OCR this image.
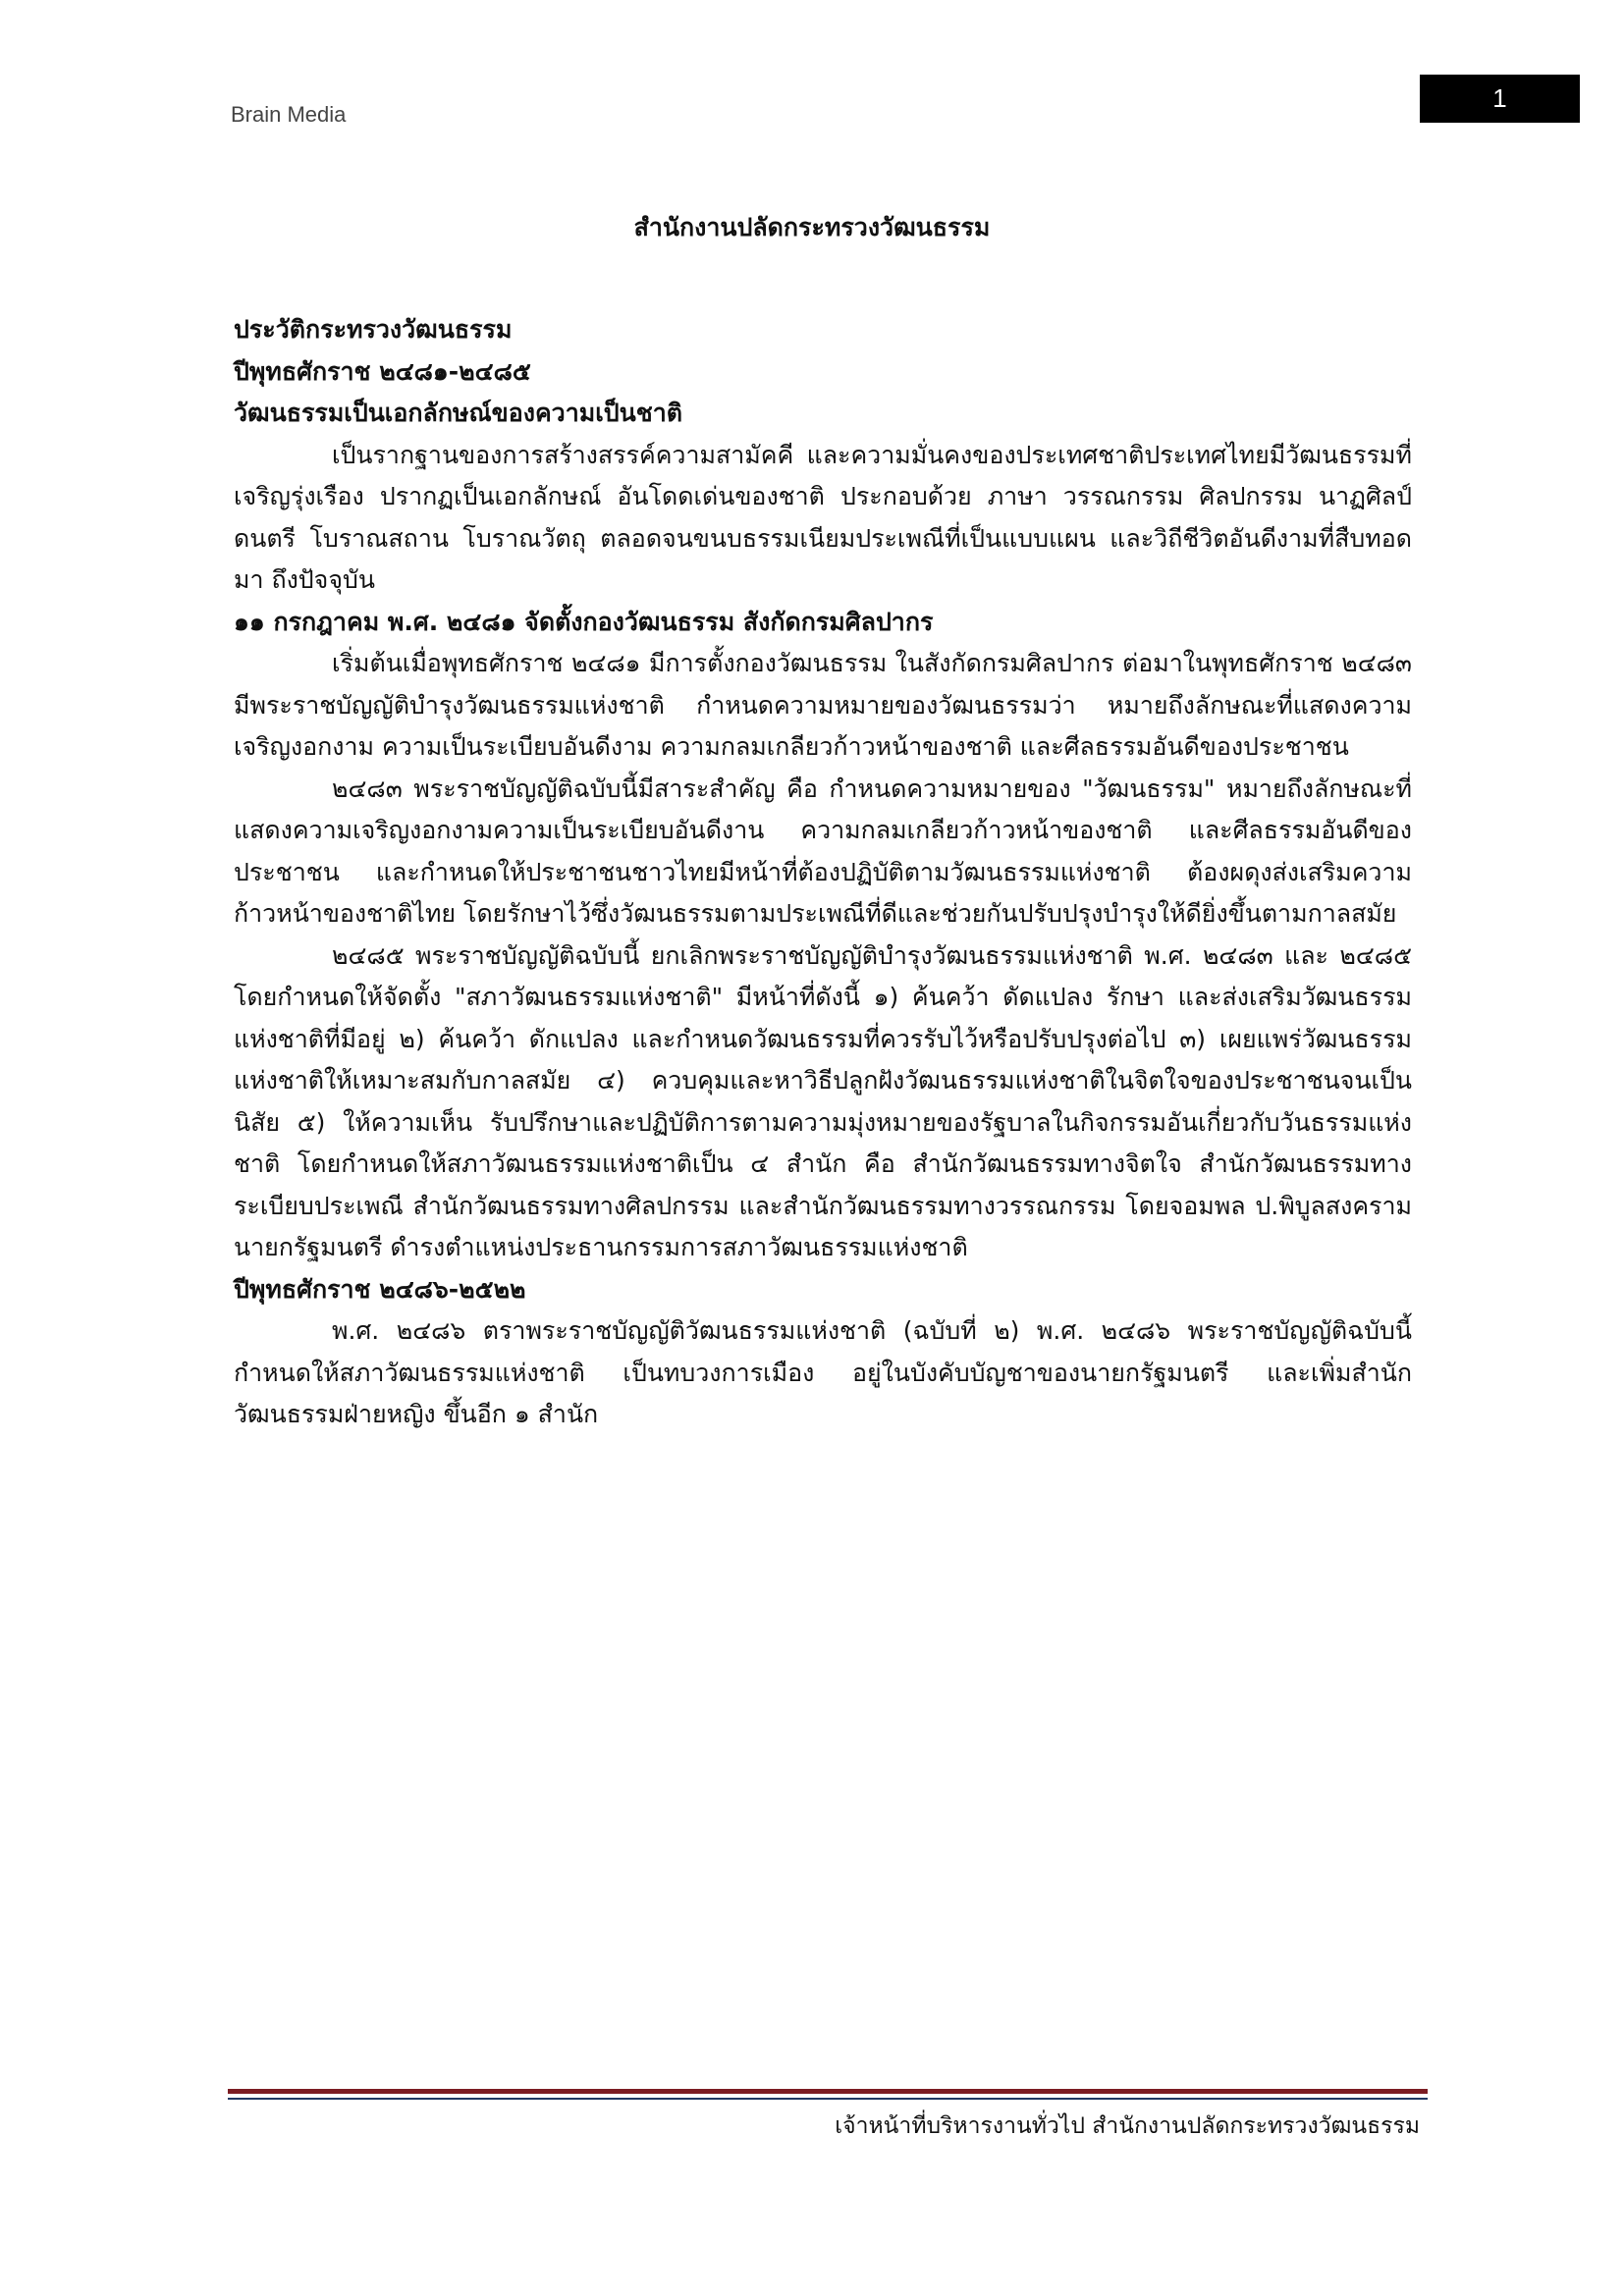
Brain Media
1
สำนักงานปลัดกระทรวงวัฒนธรรม

ประวัติกระทรวงวัฒนธรรม

ปีพุทธศักราช ๒๔๘๑-๒๔๘๕

วัฒนธรรมเป็นเอกลักษณ์ของความเป็นชาติ

เป็นรากฐานของการสร้างสรรค์ความสามัคคี และความมั่นคงของประเทศชาติประเทศไทยมีวัฒนธรรมที่เจริญรุ่งเรือง ปรากฏเป็นเอกลักษณ์ อันโดดเด่นของชาติ ประกอบด้วย ภาษา วรรณกรรม ศิลปกรรม นาฏศิลป์ ดนตรี โบราณสถาน โบราณวัตถุ ตลอดจนขนบธรรมเนียมประเพณีที่เป็นแบบแผน และวิถีชีวิตอันดีงามที่สืบทอดมา ถึงปัจจุบัน

๑๑ กรกฎาคม พ.ศ. ๒๔๘๑ จัดตั้งกองวัฒนธรรม สังกัดกรมศิลปากร

เริ่มต้นเมื่อพุทธศักราช ๒๔๘๑ มีการตั้งกองวัฒนธรรม ในสังกัดกรมศิลปากร ต่อมาในพุทธศักราช ๒๔๘๓ มีพระราชบัญญัติบำรุงวัฒนธรรมแห่งชาติ กำหนดความหมายของวัฒนธรรมว่า หมายถึงลักษณะที่แสดงความเจริญงอกงาม ความเป็นระเบียบอันดีงาม ความกลมเกลียวก้าวหน้าของชาติ และศีลธรรมอันดีของประชาชน

๒๔๘๓ พระราชบัญญัติฉบับนี้มีสาระสำคัญ คือ กำหนดความหมายของ "วัฒนธรรม" หมายถึงลักษณะที่แสดงความเจริญงอกงามความเป็นระเบียบอันดีงาน ความกลมเกลียวก้าวหน้าของชาติ และศีลธรรมอันดีของประชาชน และกำหนดให้ประชาชนชาวไทยมีหน้าที่ต้องปฏิบัติตามวัฒนธรรมแห่งชาติ ต้องผดุงส่งเสริมความก้าวหน้าของชาติไทย โดยรักษาไว้ซึ่งวัฒนธรรมตามประเพณีที่ดีและช่วยกันปรับปรุงบำรุงให้ดียิ่งขึ้นตามกาลสมัย

๒๔๘๕ พระราชบัญญัติฉบับนี้ ยกเลิกพระราชบัญญัติบำรุงวัฒนธรรมแห่งชาติ พ.ศ. ๒๔๘๓ และ ๒๔๘๕ โดยกำหนดให้จัดตั้ง "สภาวัฒนธรรมแห่งชาติ" มีหน้าที่ดังนี้ ๑) ค้นคว้า ดัดแปลง รักษา และส่งเสริมวัฒนธรรมแห่งชาติที่มีอยู่ ๒) ค้นคว้า ดักแปลง และกำหนดวัฒนธรรมที่ควรรับไว้หรือปรับปรุงต่อไป ๓) เผยแพร่วัฒนธรรมแห่งชาติให้เหมาะสมกับกาลสมัย ๔) ควบคุมและหาวิธีปลูกฝังวัฒนธรรมแห่งชาติในจิตใจของประชาชนจนเป็นนิสัย ๕) ให้ความเห็น รับปรึกษาและปฏิบัติการตามความมุ่งหมายของรัฐบาลในกิจกรรมอันเกี่ยวกับวันธรรมแห่งชาติ โดยกำหนดให้สภาวัฒนธรรมแห่งชาติเป็น ๔ สำนัก คือ สำนักวัฒนธรรมทางจิตใจ สำนักวัฒนธรรมทางระเบียบประเพณี สำนักวัฒนธรรมทางศิลปกรรม และสำนักวัฒนธรรมทางวรรณกรรม โดยจอมพล ป.พิบูลสงคราม นายกรัฐมนตรี ดำรงตำแหน่งประธานกรรมการสภาวัฒนธรรมแห่งชาติ

ปีพุทธศักราช ๒๔๘๖-๒๕๒๒

พ.ศ. ๒๔๘๖ ตราพระราชบัญญัติวัฒนธรรมแห่งชาติ (ฉบับที่ ๒) พ.ศ. ๒๔๘๖ พระราชบัญญัติฉบับนี้กำหนดให้สภาวัฒนธรรมแห่งชาติ เป็นทบวงการเมือง อยู่ในบังคับบัญชาของนายกรัฐมนตรี และเพิ่มสำนักวัฒนธรรมฝ่ายหญิง ขึ้นอีก ๑ สำนัก

เจ้าหน้าที่บริหารงานทั่วไป สำนักงานปลัดกระทรวงวัฒนธรรม
